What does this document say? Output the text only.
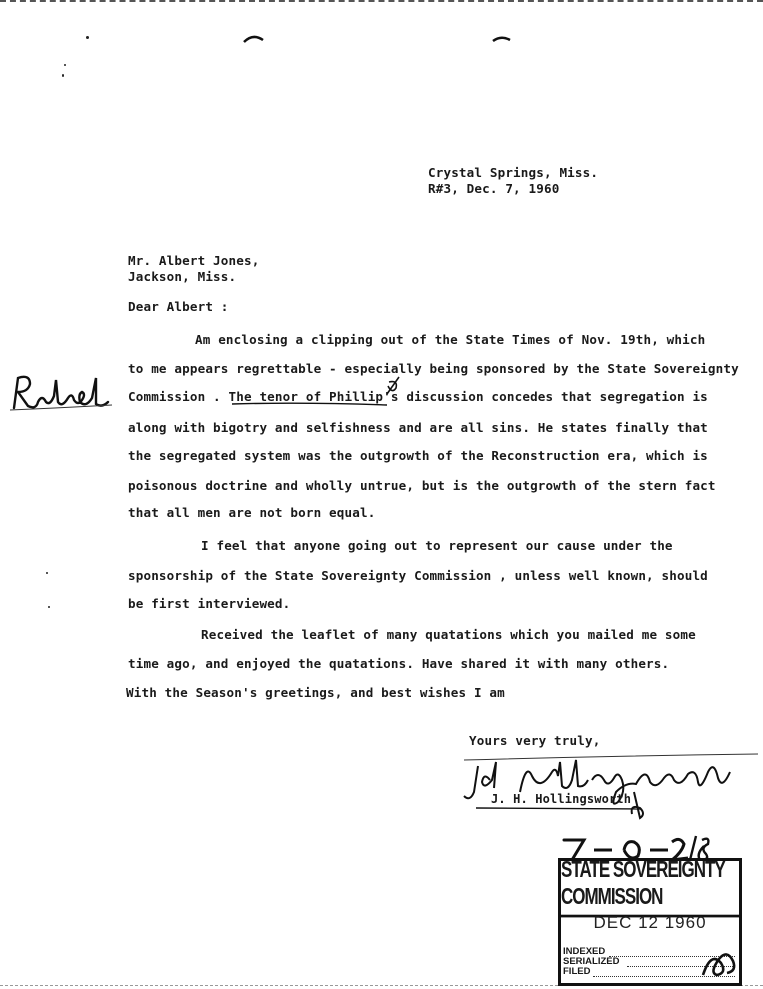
Crystal Springs, Miss.
R#3, Dec. 7, 1960
Mr. Albert Jones,
Jackson, Miss.
Dear Albert :
Am enclosing a clipping out of the State Times of Nov. 19th, which
to me appears regrettable - especially being sponsored by the State Sovereignty
Commission . The tenor of Phillip's discussion concedes that segregation is
along with bigotry and selfishness and are all sins. He states finally that
the segregated system was the outgrowth of the Reconstruction era, which is
poisonous doctrine and wholly untrue, but is the outgrowth of the stern fact
that all men are not born equal.
I feel that anyone going out to represent our cause under the
sponsorship of the State Sovereignty Commission , unless well known, should
be first interviewed.
Received the leaflet of many quatations which you mailed me some
time ago, and enjoyed the quatations. Have shared it with many others.
With the Season's greetings, and best wishes I am
Yours very truly,
J. H. Hollingsworth
STATE SOVEREIGNTY COMMISSION
DEC 12 1960
INDEXED
SERIALIZED
FILED
